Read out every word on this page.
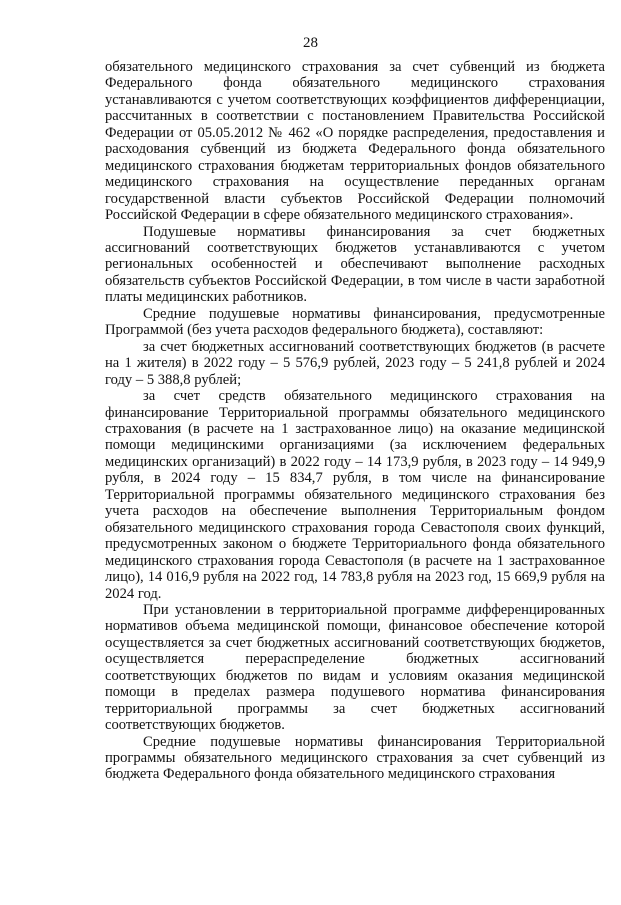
28

обязательного медицинского страхования за счет субвенций из бюджета Федерального фонда обязательного медицинского страхования устанавливаются с учетом соответствующих коэффициентов дифференциации, рассчитанных в соответствии с постановлением Правительства Российской Федерации от 05.05.2012 № 462 «О порядке распределения, предоставления и расходования субвенций из бюджета Федерального фонда обязательного медицинского страхования бюджетам территориальных фондов обязательного медицинского страхования на осуществление переданных органам государственной власти субъектов Российской Федерации полномочий Российской Федерации в сфере обязательного медицинского страхования».

Подушевые нормативы финансирования за счет бюджетных ассигнований соответствующих бюджетов устанавливаются с учетом региональных особенностей и обеспечивают выполнение расходных обязательств субъектов Российской Федерации, в том числе в части заработной платы медицинских работников.

Средние подушевые нормативы финансирования, предусмотренные Программой (без учета расходов федерального бюджета), составляют:

за счет бюджетных ассигнований соответствующих бюджетов (в расчете на 1 жителя) в 2022 году – 5 576,9 рублей, 2023 году – 5 241,8 рублей и 2024 году – 5 388,8 рублей;

за счет средств обязательного медицинского страхования на финансирование Территориальной программы обязательного медицинского страхования (в расчете на 1 застрахованное лицо) на оказание медицинской помощи медицинскими организациями (за исключением федеральных медицинских организаций) в 2022 году – 14 173,9 рубля, в 2023 году – 14 949,9 рубля, в 2024 году – 15 834,7 рубля, в том числе на финансирование Территориальной программы обязательного медицинского страхования без учета расходов на обеспечение выполнения Территориальным фондом обязательного медицинского страхования города Севастополя своих функций, предусмотренных законом о бюджете Территориального фонда обязательного медицинского страхования города Севастополя (в расчете на 1 застрахованное лицо), 14 016,9 рубля на 2022 год, 14 783,8 рубля на 2023 год, 15 669,9 рубля на 2024 год.

При установлении в территориальной программе дифференцированных нормативов объема медицинской помощи, финансовое обеспечение которой осуществляется за счет бюджетных ассигнований соответствующих бюджетов, осуществляется перераспределение бюджетных ассигнований соответствующих бюджетов по видам и условиям оказания медицинской помощи в пределах размера подушевого норматива финансирования территориальной программы за счет бюджетных ассигнований соответствующих бюджетов.

Средние подушевые нормативы финансирования Территориальной программы обязательного медицинского страхования за счет субвенций из бюджета Федерального фонда обязательного медицинского страхования
